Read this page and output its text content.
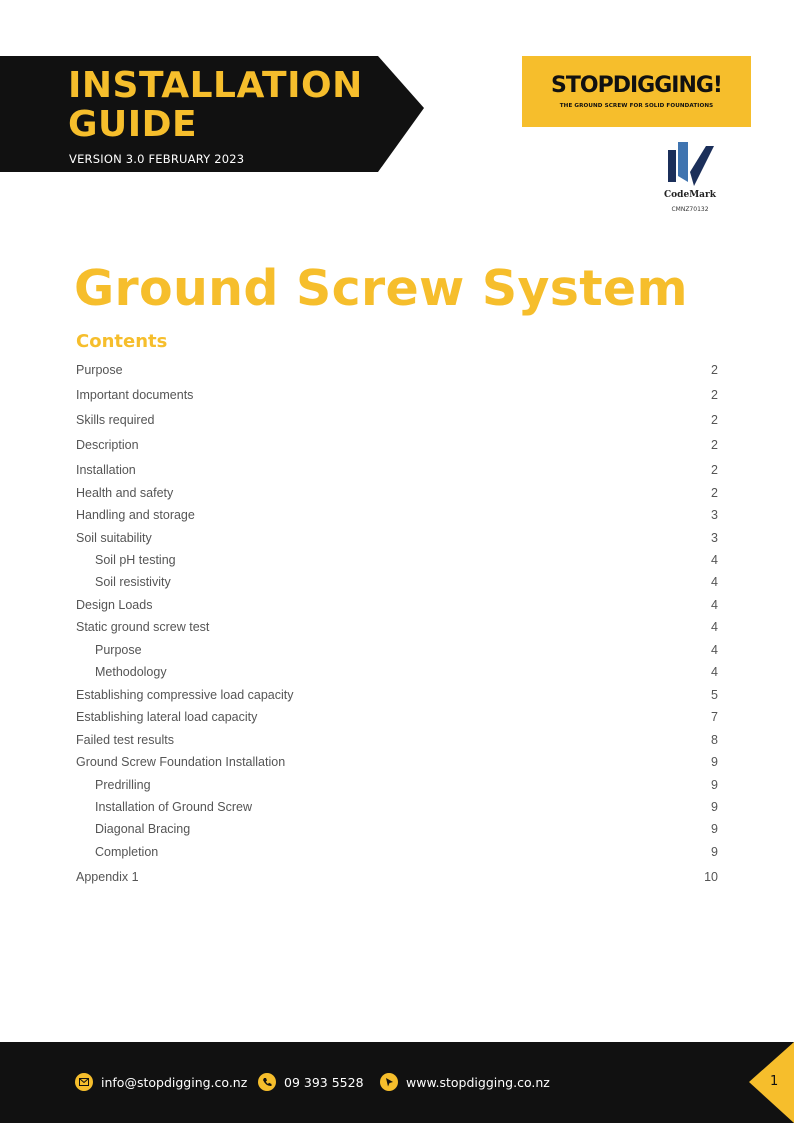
INSTALLATION
GUIDE
VERSION 3.0 FEBRUARY 2023
STOPDIGGING!
THE GROUND SCREW FOR SOLID FOUNDATIONS
CodeMark
CMNZ70132
Ground Screw System
Contents
Purpose	2
Important documents	2
Skills required	2
Description	2
Installation	2
Health and safety	2
Handling and storage	3
Soil suitability	3
Soil pH testing	4
Soil resistivity	4
Design Loads	4
Static ground screw test	4
Purpose	4
Methodology	4
Establishing compressive load capacity	5
Establishing lateral load capacity	7
Failed test results	8
Ground Screw Foundation Installation	9
Predrilling	9
Installation of Ground Screw	9
Diagonal Bracing	9
Completion	9
Appendix 1	10
info@stopdigging.co.nz	09 393 5528	www.stopdigging.co.nz	1
